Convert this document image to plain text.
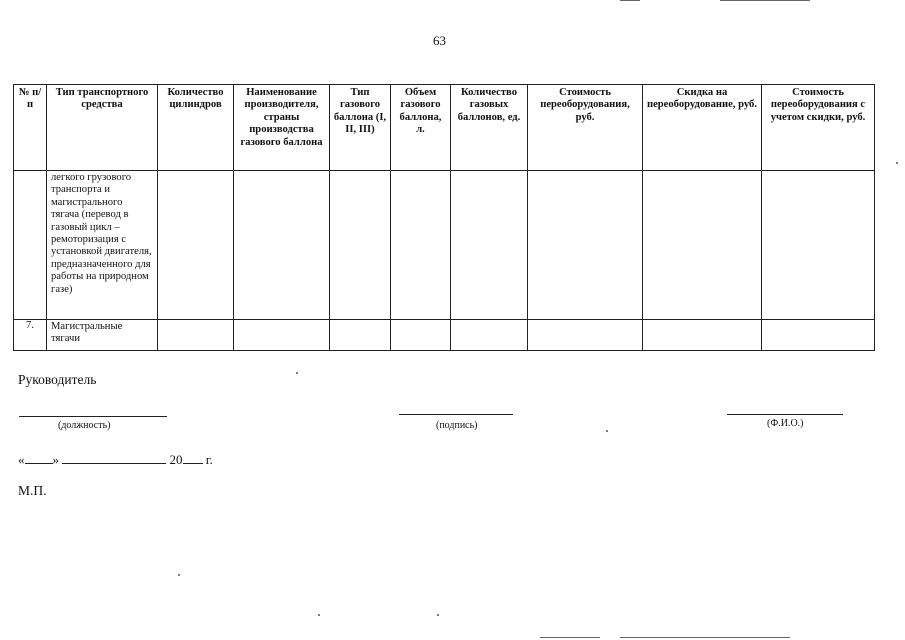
63
№ п/п	Тип транспортного средства	Количество цилиндров	Наименование производителя, страны производства газового баллона	Тип газового баллона (I, II, III)	Объем газового баллона, л.	Количество газовых баллонов, ед.	Стоимость переоборудования, руб.	Скидка на переоборудование, руб.	Стоимость переоборудования с учетом скидки, руб.
	легкого грузового транспорта и магистрального тягача (перевод в газовый цикл – ремоторизация с установкой двигателя, предназначенного для работы на природном газе)								
7.	Магистральные тягачи								
Руководитель
(должность)	(подпись)	(Ф.И.О.)
« »	20 г.
М.П.
